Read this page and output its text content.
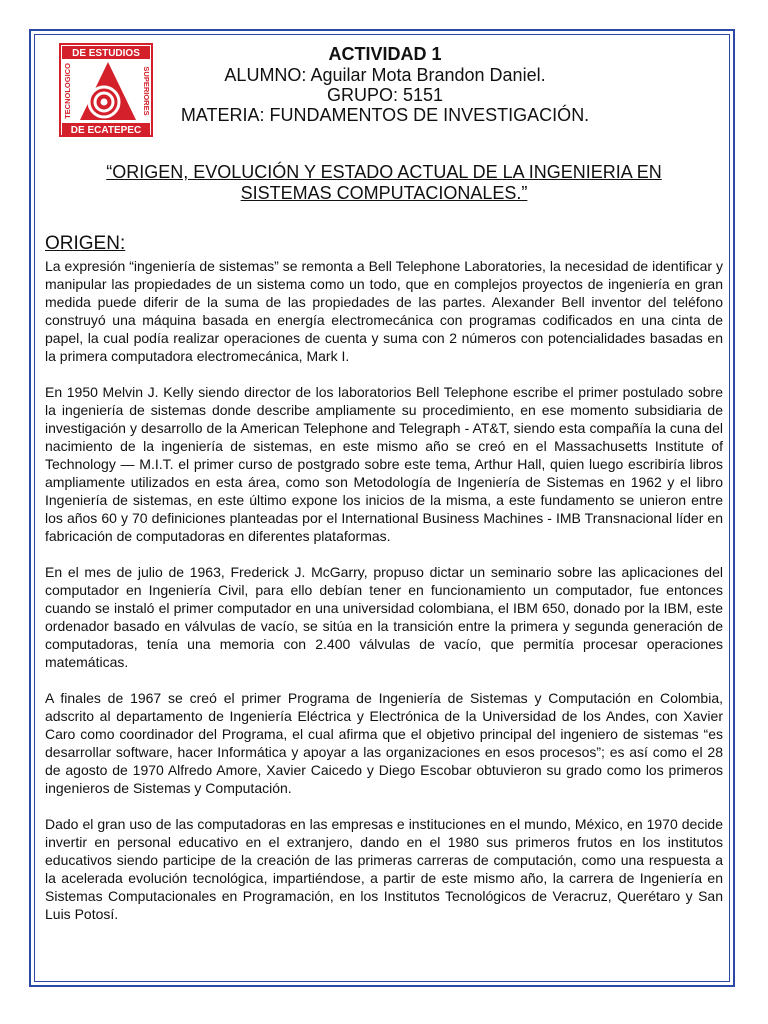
DE ESTUDIOS
DE ECATEPEC
TECNOLOGICO	SUPERIORES
ACTIVIDAD 1
ALUMNO: Aguilar Mota Brandon Daniel.
GRUPO: 5151
MATERIA: FUNDAMENTOS DE INVESTIGACIÓN.
“ORIGEN, EVOLUCIÓN Y ESTADO ACTUAL DE LA INGENIERIA EN
SISTEMAS COMPUTACIONALES.”
ORIGEN:

La expresión “ingeniería de sistemas” se remonta a Bell Telephone Laboratories, la necesidad de identificar y manipular las propiedades de un sistema como un todo, que en complejos proyectos de ingeniería en gran medida puede diferir de la suma de las propiedades de las partes. Alexander Bell inventor del teléfono construyó una máquina basada en energía electromecánica con programas codificados en una cinta de papel, la cual podía realizar operaciones de cuenta y suma con 2 números con potencialidades basadas en la primera computadora electromecánica, Mark I.

En 1950 Melvin J. Kelly siendo director de los laboratorios Bell Telephone escribe el primer postulado sobre la ingeniería de sistemas donde describe ampliamente su procedimiento, en ese momento subsidiaria de investigación y desarrollo de la American Telephone and Telegraph - AT&T, siendo esta compañía la cuna del nacimiento de la ingeniería de sistemas, en este mismo año se creó en el Massachusetts Institute of Technology — M.I.T. el primer curso de postgrado sobre este tema, Arthur Hall, quien luego escribiría libros ampliamente utilizados en esta área, como son Metodología de Ingeniería de Sistemas en 1962 y el libro Ingeniería de sistemas, en este último expone los inicios de la misma, a este fundamento se unieron entre los años 60 y 70 definiciones planteadas por el International Business Machines - IMB Transnacional líder en fabricación de computadoras en diferentes plataformas.

En el mes de julio de 1963, Frederick J. McGarry, propuso dictar un seminario sobre las aplicaciones del computador en Ingeniería Civil, para ello debían tener en funcionamiento un computador, fue entonces cuando se instaló el primer computador en una universidad colombiana, el IBM 650, donado por la IBM, este ordenador basado en válvulas de vacío, se sitúa en la transición entre la primera y segunda generación de computadoras, tenía una memoria con 2.400 válvulas de vacío, que permitía procesar operaciones matemáticas.

A finales de 1967 se creó el primer Programa de Ingeniería de Sistemas y Computación en Colombia, adscrito al departamento de Ingeniería Eléctrica y Electrónica de la Universidad de los Andes, con Xavier Caro como coordinador del Programa, el cual afirma que el objetivo principal del ingeniero de sistemas “es desarrollar software, hacer Informática y apoyar a las organizaciones en esos procesos”; es así como el 28 de agosto de 1970 Alfredo Amore, Xavier Caicedo y Diego Escobar obtuvieron su grado como los primeros ingenieros de Sistemas y Computación.

Dado el gran uso de las computadoras en las empresas e instituciones en el mundo, México, en 1970 decide invertir en personal educativo en el extranjero, dando en el 1980 sus primeros frutos en los institutos educativos siendo participe de la creación de las primeras carreras de computación, como una respuesta a la acelerada evolución tecnológica, impartiéndose, a partir de este mismo año, la carrera de Ingeniería en Sistemas Computacionales en Programación, en los Institutos Tecnológicos de Veracruz, Querétaro y San Luis Potosí.
